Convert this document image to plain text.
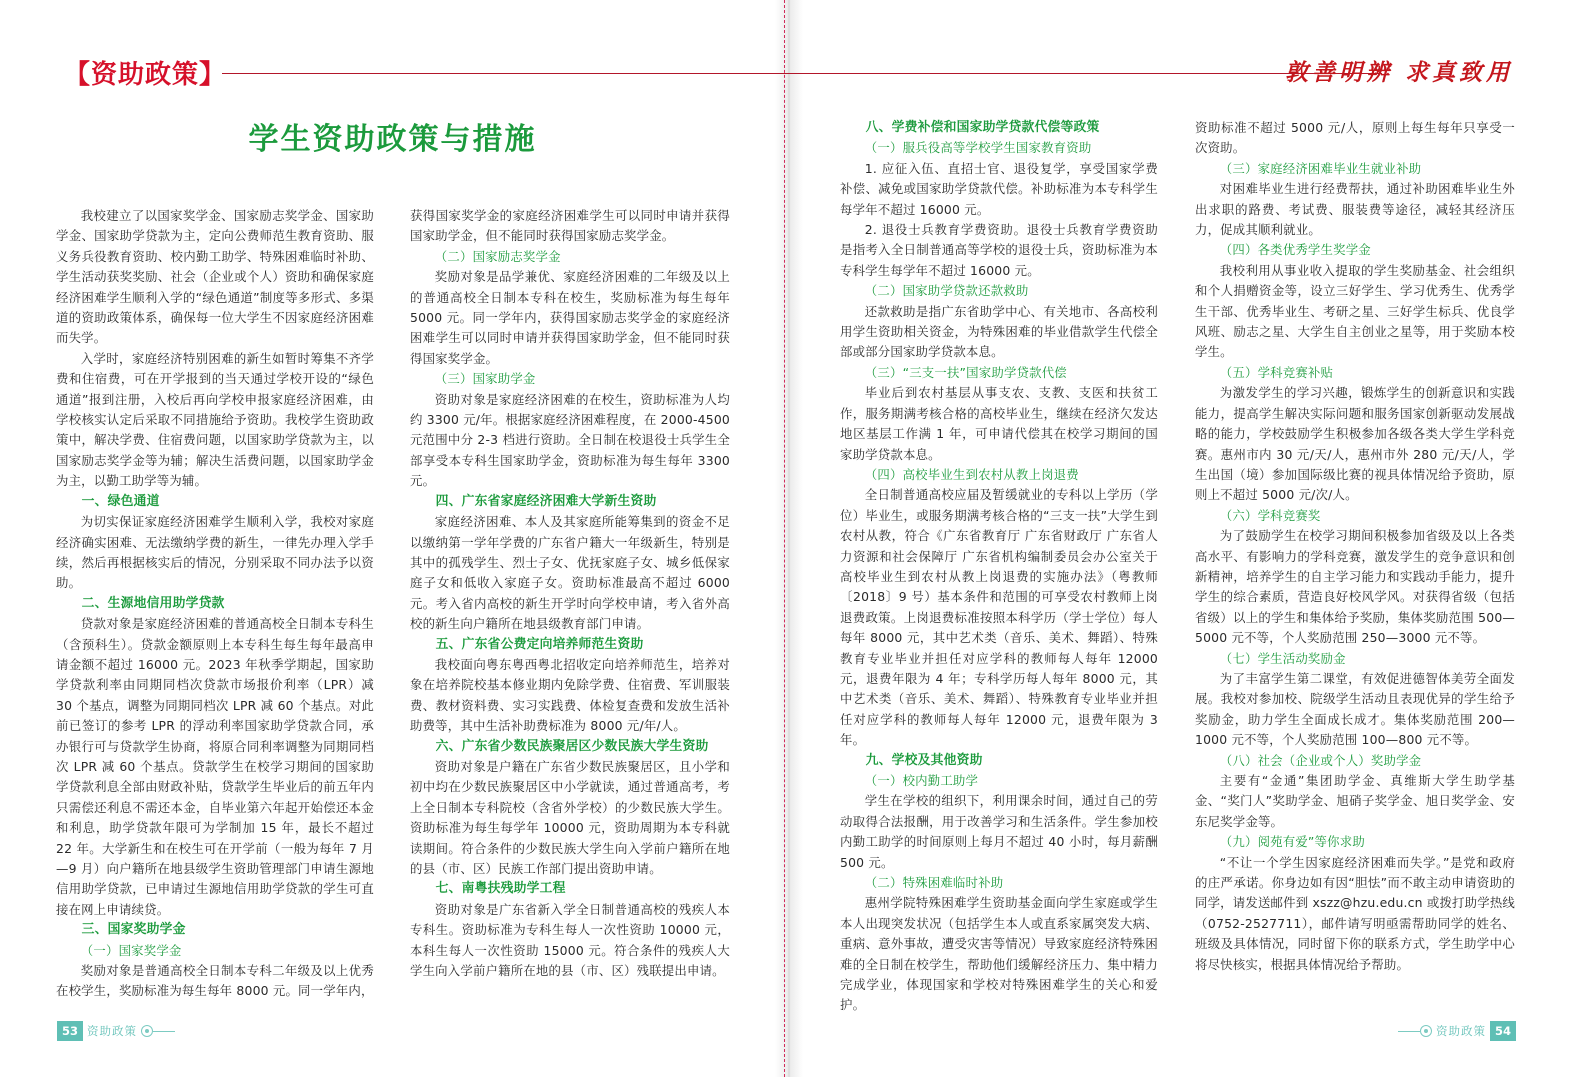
【资助政策】	敦善明辨 求真致用
学生资助政策与措施

我校建立了以国家奖学金、国家励志奖学金、国家助学金、国家助学贷款为主，定向公费师范生教育资助、服义务兵役教育资助、校内勤工助学、特殊困难临时补助、学生活动获奖奖励、社会（企业或个人）资助和确保家庭经济困难学生顺利入学的“绿色通道”制度等多形式、多渠道的资助政策体系，确保每一位大学生不因家庭经济困难而失学。

入学时，家庭经济特别困难的新生如暂时筹集不齐学费和住宿费，可在开学报到的当天通过学校开设的“绿色通道”报到注册，入校后再向学校申报家庭经济困难，由学校核实认定后采取不同措施给予资助。我校学生资助政策中，解决学费、住宿费问题，以国家助学贷款为主，以国家励志奖学金等为辅；解决生活费问题，以国家助学金为主，以勤工助学等为辅。

一、绿色通道

为切实保证家庭经济困难学生顺利入学，我校对家庭经济确实困难、无法缴纳学费的新生，一律先办理入学手续，然后再根据核实后的情况，分别采取不同办法予以资助。

二、生源地信用助学贷款

贷款对象是家庭经济困难的普通高校全日制本专科生（含预科生）。贷款金额原则上本专科生每生每年最高申请金额不超过 16000 元。2023 年秋季学期起，国家助学贷款利率由同期同档次贷款市场报价利率（LPR）减 30 个基点，调整为同期同档次 LPR 减 60 个基点。对此前已签订的参考 LPR 的浮动利率国家助学贷款合同，承办银行可与贷款学生协商，将原合同利率调整为同期同档次 LPR 减 60 个基点。贷款学生在校学习期间的国家助学贷款利息全部由财政补贴，贷款学生毕业后的前五年内只需偿还利息不需还本金，自毕业第六年起开始偿还本金和利息，助学贷款年限可为学制加 15 年，最长不超过 22 年。大学新生和在校生可在开学前（一般为每年 7 月—9 月）向户籍所在地县级学生资助管理部门申请生源地信用助学贷款，已申请过生源地信用助学贷款的学生可直接在网上申请续贷。

三、国家奖助学金

（一）国家奖学金

奖励对象是普通高校全日制本专科二年级及以上优秀在校学生，奖励标准为每生每年 8000 元。同一学年内，

获得国家奖学金的家庭经济困难学生可以同时申请并获得国家助学金，但不能同时获得国家励志奖学金。

（二）国家励志奖学金

奖励对象是品学兼优、家庭经济困难的二年级及以上的普通高校全日制本专科在校生，奖励标准为每生每年 5000 元。同一学年内，获得国家励志奖学金的家庭经济困难学生可以同时申请并获得国家助学金，但不能同时获得国家奖学金。

（三）国家助学金

资助对象是家庭经济困难的在校生，资助标准为人均约 3300 元/年。根据家庭经济困难程度，在 2000-4500 元范围中分 2-3 档进行资助。全日制在校退役士兵学生全部享受本专科生国家助学金，资助标准为每生每年 3300 元。

四、广东省家庭经济困难大学新生资助

家庭经济困难、本人及其家庭所能筹集到的资金不足以缴纳第一学年学费的广东省户籍大一年级新生，特别是其中的孤残学生、烈士子女、优抚家庭子女、城乡低保家庭子女和低收入家庭子女。资助标准最高不超过 6000 元。考入省内高校的新生开学时向学校申请，考入省外高校的新生向户籍所在地县级教育部门申请。

五、广东省公费定向培养师范生资助

我校面向粤东粤西粤北招收定向培养师范生，培养对象在培养院校基本修业期内免除学费、住宿费、军训服装费、教材资料费、实习实践费、体检复查费和发放生活补助费等，其中生活补助费标准为 8000 元/年/人。

六、广东省少数民族聚居区少数民族大学生资助

资助对象是户籍在广东省少数民族聚居区，且小学和初中均在少数民族聚居区中小学就读，通过普通高考，考上全日制本专科院校（含省外学校）的少数民族大学生。资助标准为每生每学年 10000 元，资助周期为本专科就读期间。符合条件的少数民族大学生向入学前户籍所在地的县（市、区）民族工作部门提出资助申请。

七、南粤扶残助学工程

资助对象是广东省新入学全日制普通高校的残疾人本专科生。资助标准为专科生每人一次性资助 10000 元，本科生每人一次性资助 15000 元。符合条件的残疾人大学生向入学前户籍所在地的县（市、区）残联提出申请。

八、学费补偿和国家助学贷款代偿等政策

（一）服兵役高等学校学生国家教育资助

1. 应征入伍、直招士官、退役复学，享受国家学费补偿、减免或国家助学贷款代偿。补助标准为本专科学生每学年不超过 16000 元。

2. 退役士兵教育学费资助。退役士兵教育学费资助是指考入全日制普通高等学校的退役士兵，资助标准为本专科学生每学年不超过 16000 元。

（二）国家助学贷款还款救助

还款救助是指广东省助学中心、有关地市、各高校利用学生资助相关资金，为特殊困难的毕业借款学生代偿全部或部分国家助学贷款本息。

（三）“三支一扶”国家助学贷款代偿

毕业后到农村基层从事支农、支教、支医和扶贫工作，服务期满考核合格的高校毕业生，继续在经济欠发达地区基层工作满 1 年，可申请代偿其在校学习期间的国家助学贷款本息。

（四）高校毕业生到农村从教上岗退费

全日制普通高校应届及暂缓就业的专科以上学历（学位）毕业生，或服务期满考核合格的“三支一扶”大学生到农村从教，符合《广东省教育厅 广东省财政厅 广东省人力资源和社会保障厅 广东省机构编制委员会办公室关于高校毕业生到农村从教上岗退费的实施办法》（粤教师〔2018〕9 号）基本条件和范围的可享受农村教师上岗退费政策。上岗退费标准按照本科学历（学士学位）每人每年 8000 元，其中艺术类（音乐、美术、舞蹈）、特殊教育专业毕业并担任对应学科的教师每人每年 12000 元，退费年限为 4 年；专科学历每人每年 8000 元，其中艺术类（音乐、美术、舞蹈）、特殊教育专业毕业并担任对应学科的教师每人每年 12000 元，退费年限为 3 年。

九、学校及其他资助

（一）校内勤工助学

学生在学校的组织下，利用课余时间，通过自己的劳动取得合法报酬，用于改善学习和生活条件。学生参加校内勤工助学的时间原则上每月不超过 40 小时，每月薪酬 500 元。

（二）特殊困难临时补助

惠州学院特殊困难学生资助基金面向学生家庭或学生本人出现突发状况（包括学生本人或直系家属突发大病、重病、意外事故，遭受灾害等情况）导致家庭经济特殊困难的全日制在校学生，帮助他们缓解经济压力、集中精力完成学业，体现国家和学校对特殊困难学生的关心和爱护。

资助标准不超过 5000 元/人，原则上每生每年只享受一次资助。

（三）家庭经济困难毕业生就业补助

对困难毕业生进行经费帮扶，通过补助困难毕业生外出求职的路费、考试费、服装费等途径，减轻其经济压力，促成其顺利就业。

（四）各类优秀学生奖学金

我校利用从事业收入提取的学生奖励基金、社会组织和个人捐赠资金等，设立三好学生、学习优秀生、优秀学生干部、优秀毕业生、考研之星、三好学生标兵、优良学风班、励志之星、大学生自主创业之星等，用于奖励本校学生。

（五）学科竞赛补贴

为激发学生的学习兴趣，锻炼学生的创新意识和实践能力，提高学生解决实际问题和服务国家创新驱动发展战略的能力，学校鼓励学生积极参加各级各类大学生学科竞赛。惠州市内 30 元/天/人，惠州市外 280 元/天/人，学生出国（境）参加国际级比赛的视具体情况给予资助，原则上不超过 5000 元/次/人。

（六）学科竞赛奖

为了鼓励学生在校学习期间积极参加省级及以上各类高水平、有影响力的学科竞赛，激发学生的竞争意识和创新精神，培养学生的自主学习能力和实践动手能力，提升学生的综合素质，营造良好校风学风。对获得省级（包括省级）以上的学生和集体给予奖励，集体奖励范围 500—5000 元不等，个人奖励范围 250—3000 元不等。

（七）学生活动奖励金

为了丰富学生第二课堂，有效促进德智体美劳全面发展。我校对参加校、院级学生活动且表现优异的学生给予奖励金，助力学生全面成长成才。集体奖励范围 200—1000 元不等，个人奖励范围 100—800 元不等。

（八）社会（企业或个人）奖助学金

主要有“金通”集团助学金、真维斯大学生助学基金、“奖门人”奖助学金、旭硝子奖学金、旭日奖学金、安东尼奖学金等。

（九）阅苑有爱”等你求助

“不让一个学生因家庭经济困难而失学。”是党和政府的庄严承诺。你身边如有因“胆怯”而不敢主动申请资助的同学，请发送邮件到 xszz@hzu.edu.cn 或拨打助学热线（0752-2527711），邮件请写明亟需帮助同学的姓名、班级及具体情况，同时留下你的联系方式，学生助学中心将尽快核实，根据具体情况给予帮助。

53 资助政策	资助政策 54
